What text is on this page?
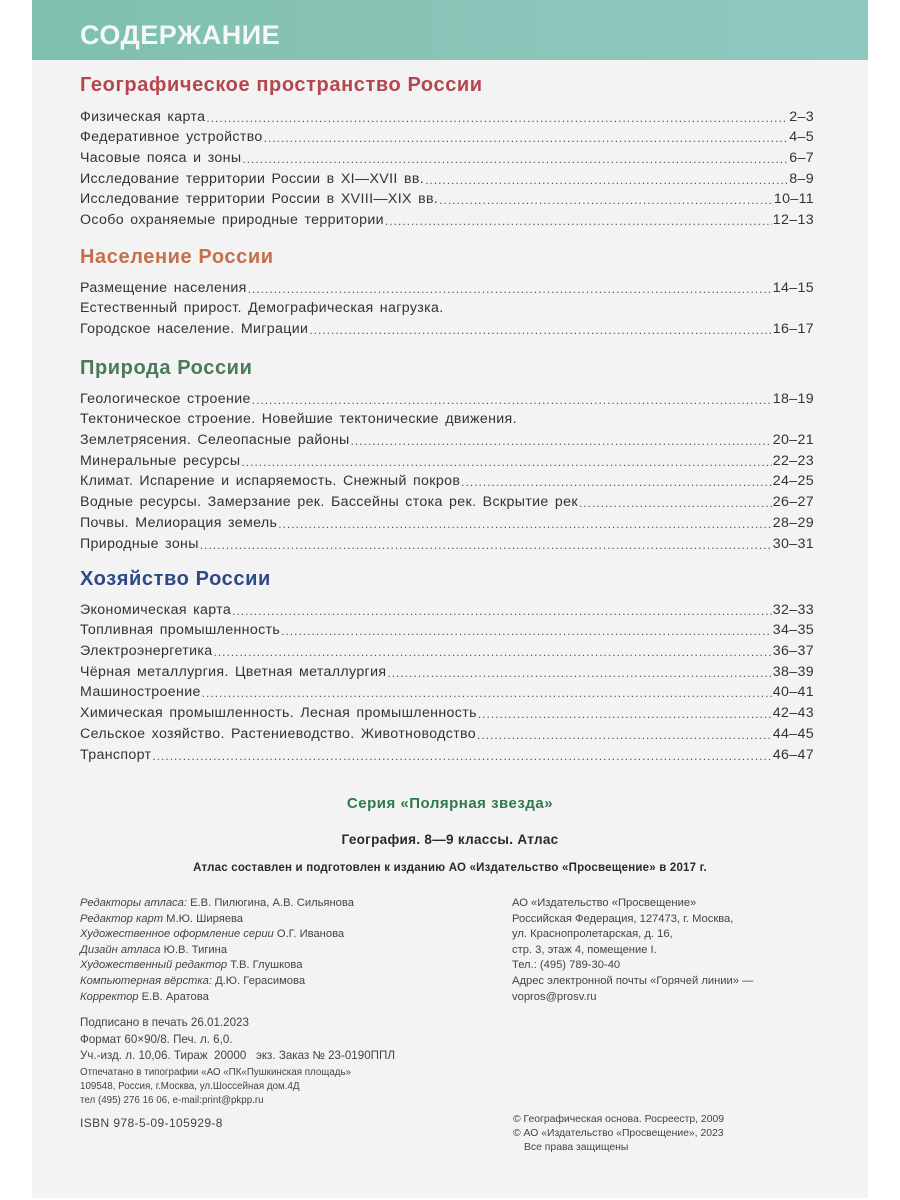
СОДЕРЖАНИЕ
Географическое пространство России
Физическая карта .....	2–3
Федеративное устройство .....	4–5
Часовые пояса и зоны .....	6–7
Исследование территории России в XI—XVII вв. .....	8–9
Исследование территории России в XVIII—XIX вв. .....	10–11
Особо охраняемые природные территории .....	12–13
Население России
Размещение населения .....	14–15
Естественный прирост. Демографическая нагрузка.
Городское население. Миграции .....	16–17
Природа России
Геологическое строение .....	18–19
Тектоническое строение. Новейшие тектонические движения.
Землетрясения. Селеопасные районы .....	20–21
Минеральные ресурсы .....	22–23
Климат. Испарение и испаряемость. Снежный покров .....	24–25
Водные ресурсы. Замерзание рек. Бассейны стока рек. Вскрытие рек .....	26–27
Почвы. Мелиорация земель .....	28–29
Природные зоны .....	30–31
Хозяйство России
Экономическая карта .....	32–33
Топливная промышленность .....	34–35
Электроэнергетика .....	36–37
Чёрная металлургия. Цветная металлургия .....	38–39
Машиностроение .....	40–41
Химическая промышленность. Лесная промышленность .....	42–43
Сельское хозяйство. Растениеводство. Животноводство .....	44–45
Транспорт .....	46–47
Серия «Полярная звезда»
География. 8—9 классы. Атлас
Атлас составлен и подготовлен к изданию АО «Издательство «Просвещение» в 2017 г.
Редакторы атласа: Е.В. Пилюгина, А.В. Сильянова
Редактор карт М.Ю. Ширяева
Художественное оформление серии О.Г. Иванова
Дизайн атласа Ю.В. Тигина
Художественный редактор Т.В. Глушкова
Компьютерная вёрстка: Д.Ю. Герасимова
Корректор Е.В. Аратова
АО «Издательство «Просвещение»
Российская Федерация, 127473, г. Москва,
ул. Краснопролетарская, д. 16,
стр. 3, этаж 4, помещение I.
Тел.: (495) 789-30-40
Адрес электронной почты «Горячей линии» —
vopros@prosv.ru
Подписано в печать 26.01.2023
Формат 60×90/8. Печ. л. 6,0.
Уч.-изд. л. 10,06. Тираж  20000   экз. Заказ № 23-0190ППЛ
Отпечатано в типографии «АО «ПК«Пушкинская площадь»
109548, Россия, г.Москва, ул.Шоссейная дом.4Д
тел (495) 276 16 06, e-mail:print@pkpp.ru
ISBN 978-5-09-105929-8	© Географическая основа. Росреестр, 2009
© АО «Издательство «Просвещение», 2023
Все права защищены
